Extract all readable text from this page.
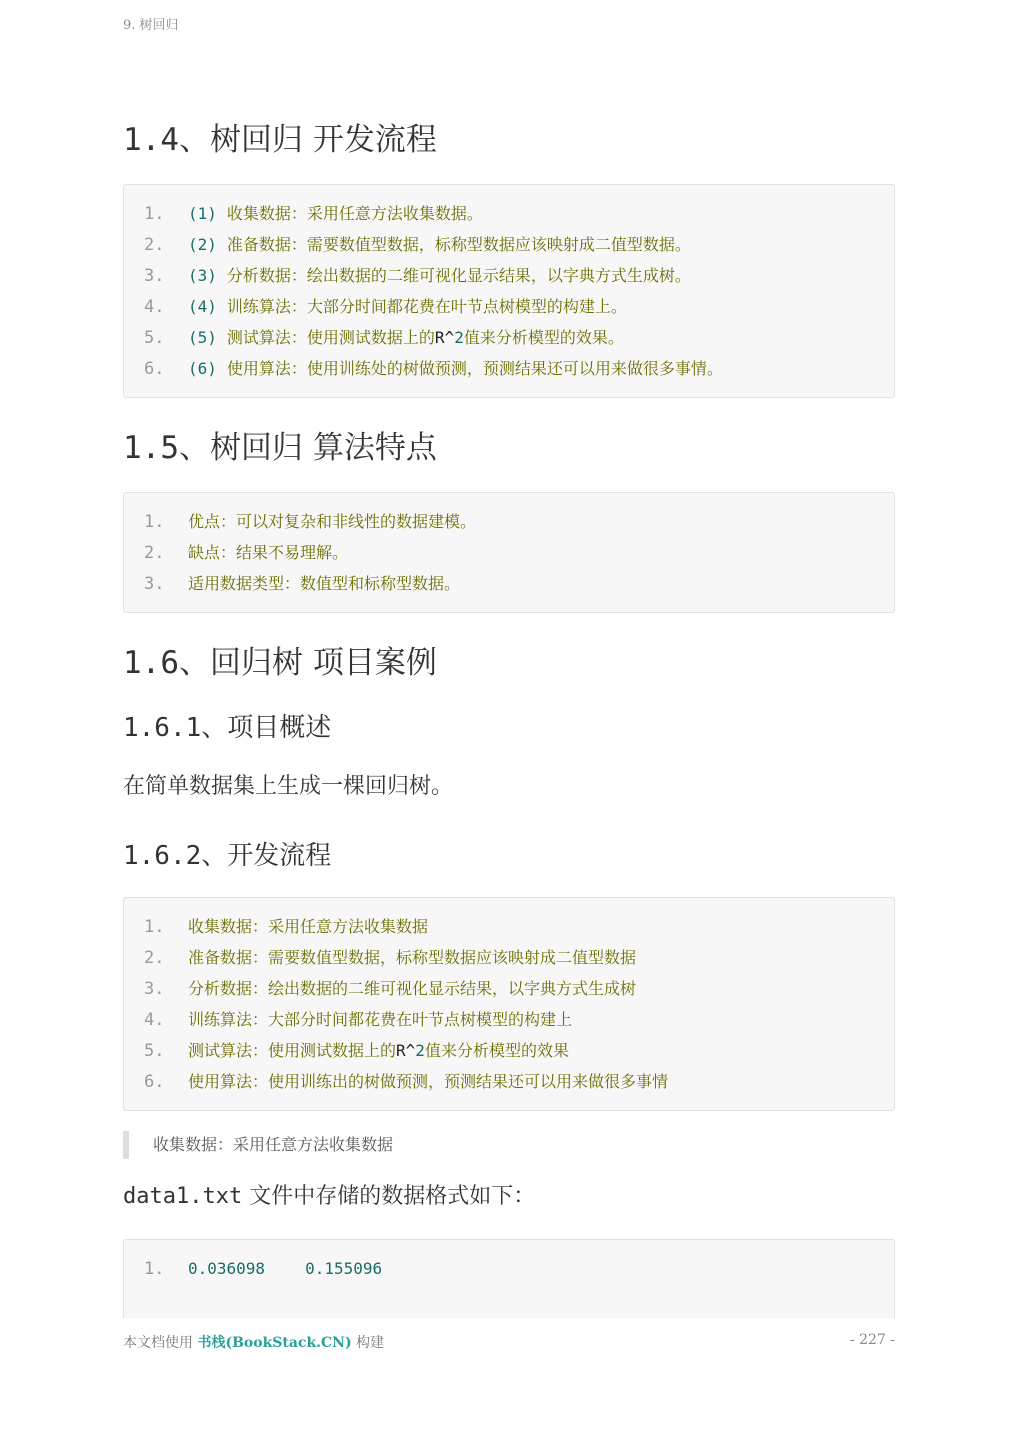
9. 树回归
1.4、树回归 开发流程
1.	(1) 收集数据：采用任意方法收集数据。
2.	(2) 准备数据：需要数值型数据，标称型数据应该映射成二值型数据。
3.	(3) 分析数据：绘出数据的二维可视化显示结果，以字典方式生成树。
4.	(4) 训练算法：大部分时间都花费在叶节点树模型的构建上。
5.	(5) 测试算法：使用测试数据上的 R ^ 2 值来分析模型的效果。
6.	(6) 使用算法：使用训练处的树做预测，预测结果还可以用来做很多事情。
1.5、树回归 算法特点
1.	优点：可以对复杂和非线性的数据建模。
2.	缺点：结果不易理解。
3.	适用数据类型：数值型和标称型数据。
1.6、回归树 项目案例
1.6.1、项目概述

在简单数据集上生成一棵回归树。

1.6.2、开发流程
1.	收集数据：采用任意方法收集数据
2.	准备数据：需要数值型数据，标称型数据应该映射成二值型数据
3.	分析数据：绘出数据的二维可视化显示结果，以字典方式生成树
4.	训练算法：大部分时间都花费在叶节点树模型的构建上
5.	测试算法：使用测试数据上的 R ^ 2 值来分析模型的效果
6.	使用算法：使用训练出的树做预测，预测结果还可以用来做很多事情
收集数据：采用任意方法收集数据

data1.txt 文件中存储的数据格式如下：

1.	0.036098	0.155096
本文档使用 书栈(BookStack.CN) 构建	- 227 -
